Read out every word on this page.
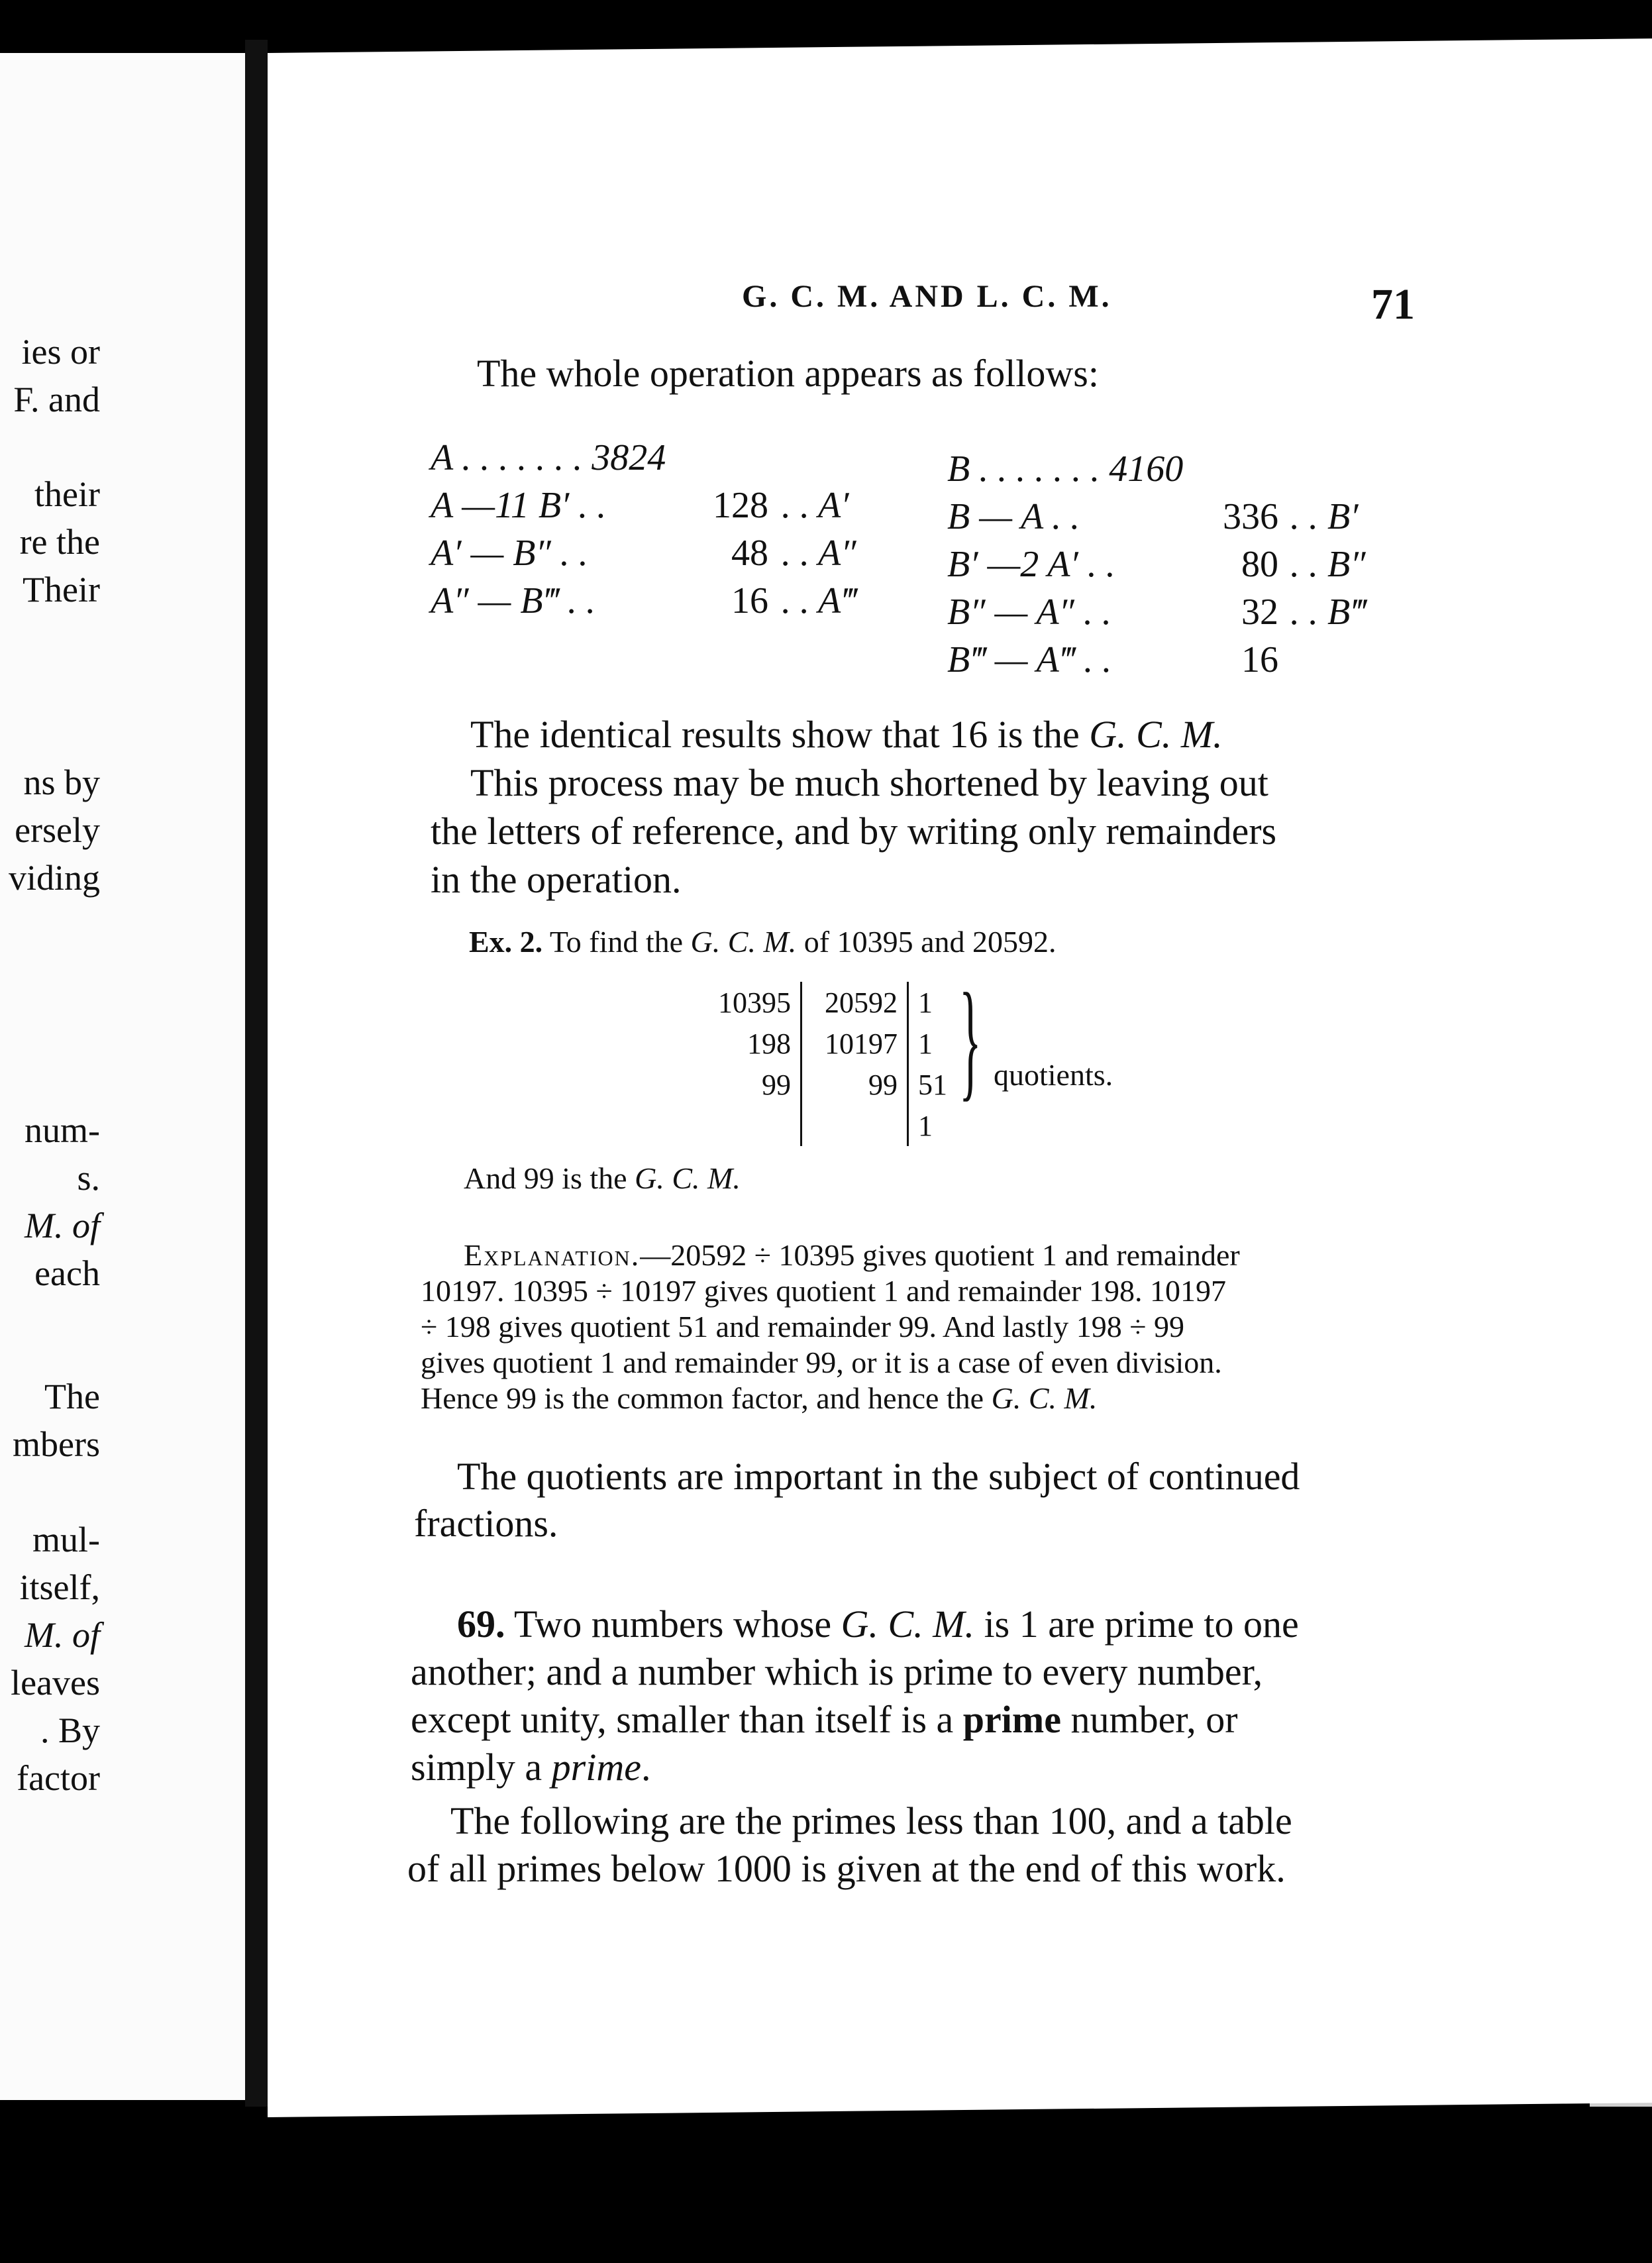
ies or
F. and
their
re the
Their
ns by
ersely
viding
num-
s.
M. of
each
The
mbers
mul-
itself,
M. of
leaves
. By
factor
G. C. M. AND L. C. M.	71
The whole operation appears as follows:
A . . . . . . . 3824		
A —11 B′ . .	128	. . A′
A′ — B″ . .	48	. . A″
A″ — B‴ . .	16	. . A‴
B . . . . . . . 4160		
B — A . .	336	. . B′
B′ —2 A′ . .	80	. . B″
B″ — A″ . .	32	. . B‴
B‴ — A‴ . .	16	
The identical results show that 16 is the G. C. M.
This process may be much shortened by leaving out
the letters of reference, and by writing only remainders
in the operation.
Ex. 2. To find the G. C. M. of 10395 and 20592.
10395	20592	1
198	10197	1
99	99	51
		1
} quotients.
And 99 is the G. C. M.
Explanation.—20592 ÷ 10395 gives quotient 1 and remainder
10197. 10395 ÷ 10197 gives quotient 1 and remainder 198. 10197
÷ 198 gives quotient 51 and remainder 99. And lastly 198 ÷ 99
gives quotient 1 and remainder 99, or it is a case of even division.
Hence 99 is the common factor, and hence the G. C. M.
The quotients are important in the subject of continued
fractions.
69. Two numbers whose G. C. M. is 1 are prime to one
another; and a number which is prime to every number,
except unity, smaller than itself is a prime number, or
simply a prime.
The following are the primes less than 100, and a table
of all primes below 1000 is given at the end of this work.
